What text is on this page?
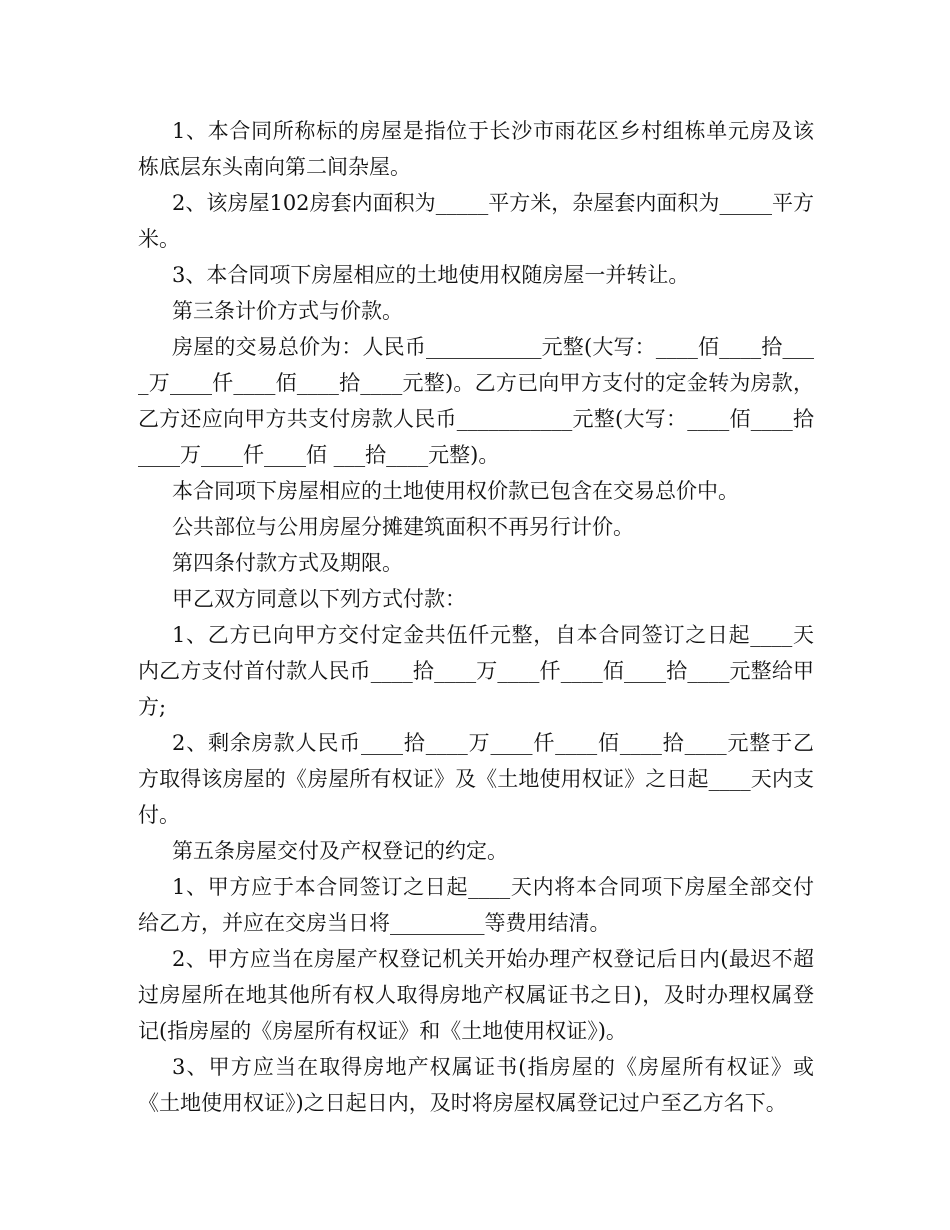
1、本合同所称标的房屋是指位于长沙市雨花区乡村组栋单元房及该栋底层东头南向第二间杂屋。

2、该房屋102房套内面积为_____平方米，杂屋套内面积为_____平方米。

3、本合同项下房屋相应的土地使用权随房屋一并转让。

第三条计价方式与价款。

房屋的交易总价为：人民币___________元整(大写：____佰____拾____万____仟____佰____拾____元整)。乙方已向甲方支付的定金转为房款，乙方还应向甲方共支付房款人民币___________元整(大写：____佰____拾____万____仟____佰 ___拾____元整)。

本合同项下房屋相应的土地使用权价款已包含在交易总价中。

公共部位与公用房屋分摊建筑面积不再另行计价。

第四条付款方式及期限。

甲乙双方同意以下列方式付款：

1、乙方已向甲方交付定金共伍仟元整，自本合同签订之日起____天内乙方支付首付款人民币____拾____万____仟____佰____拾____元整给甲方;

2、剩余房款人民币____拾____万____仟____佰____拾____元整于乙方取得该房屋的《房屋所有权证》及《土地使用权证》之日起____天内支付。

第五条房屋交付及产权登记的约定。

1、甲方应于本合同签订之日起____天内将本合同项下房屋全部交付给乙方，并应在交房当日将_________等费用结清。

2、甲方应当在房屋产权登记机关开始办理产权登记后日内(最迟不超过房屋所在地其他所有权人取得房地产权属证书之日)，及时办理权属登记(指房屋的《房屋所有权证》和《土地使用权证》)。

3、甲方应当在取得房地产权属证书(指房屋的《房屋所有权证》或《土地使用权证》)之日起日内，及时将房屋权属登记过户至乙方名下。
